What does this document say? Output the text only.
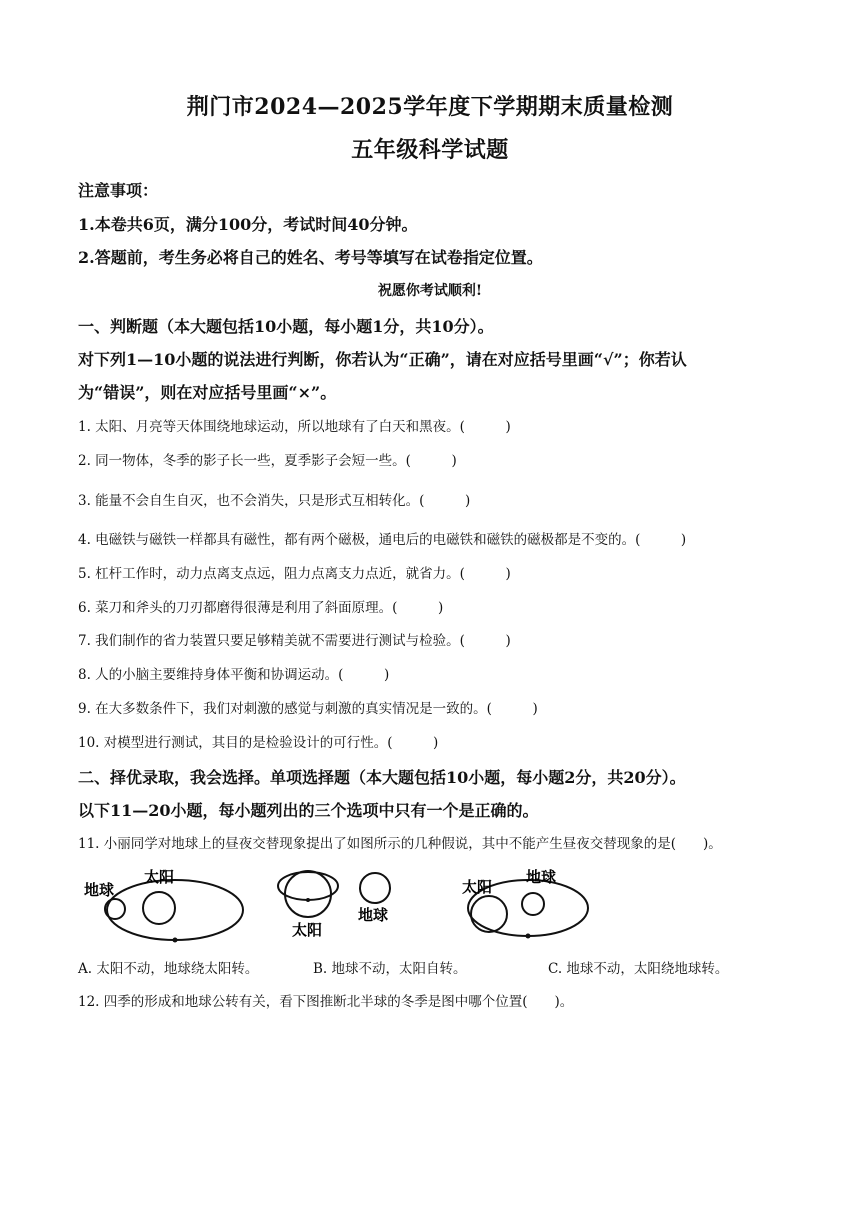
荆门市2024—2025学年度下学期期末质量检测
五年级科学试题
注意事项：
1.本卷共6页，满分100分，考试时间40分钟。
2.答题前，考生务必将自己的姓名、考号等填写在试卷指定位置。
祝愿你考试顺利!
一、判断题（本大题包括10小题，每小题1分，共10分）。
对下列1—10小题的说法进行判断，你若认为“正确”，请在对应括号里画“√”；你若认
为“错误”，则在对应括号里画“×”。
1. 太阳、月亮等天体围绕地球运动，所以地球有了白天和黑夜。(　　　)
2. 同一物体，冬季的影子长一些，夏季影子会短一些。(　　　)
3. 能量不会自生自灭，也不会消失，只是形式互相转化。(　　　)
4. 电磁铁与磁铁一样都具有磁性，都有两个磁极，通电后的电磁铁和磁铁的磁极都是不变的。(　　　)
5. 杠杆工作时，动力点离支点远，阻力点离支力点近，就省力。(　　　)
6. 菜刀和斧头的刀刃都磨得很薄是利用了斜面原理。(　　　)
7. 我们制作的省力装置只要足够精美就不需要进行测试与检验。(　　　)
8. 人的小脑主要维持身体平衡和协调运动。(　　　)
9. 在大多数条件下，我们对刺激的感觉与刺激的真实情况是一致的。(　　　)
10. 对模型进行测试，其目的是检验设计的可行性。(　　　)
二、择优录取，我会选择。单项选择题（本大题包括10小题，每小题2分，共20分）。
以下11—20小题，每小题列出的三个选项中只有一个是正确的。
11. 小丽同学对地球上的昼夜交替现象提出了如图所示的几种假说，其中不能产生昼夜交替现象的是(　　)。
地球
太阳
太阳
地球
太阳
地球
A. 太阳不动，地球绕太阳转。	B. 地球不动，太阳自转。	C. 地球不动，太阳绕地球转。
12. 四季的形成和地球公转有关，看下图推断北半球的冬季是图中哪个位置(　　)。
